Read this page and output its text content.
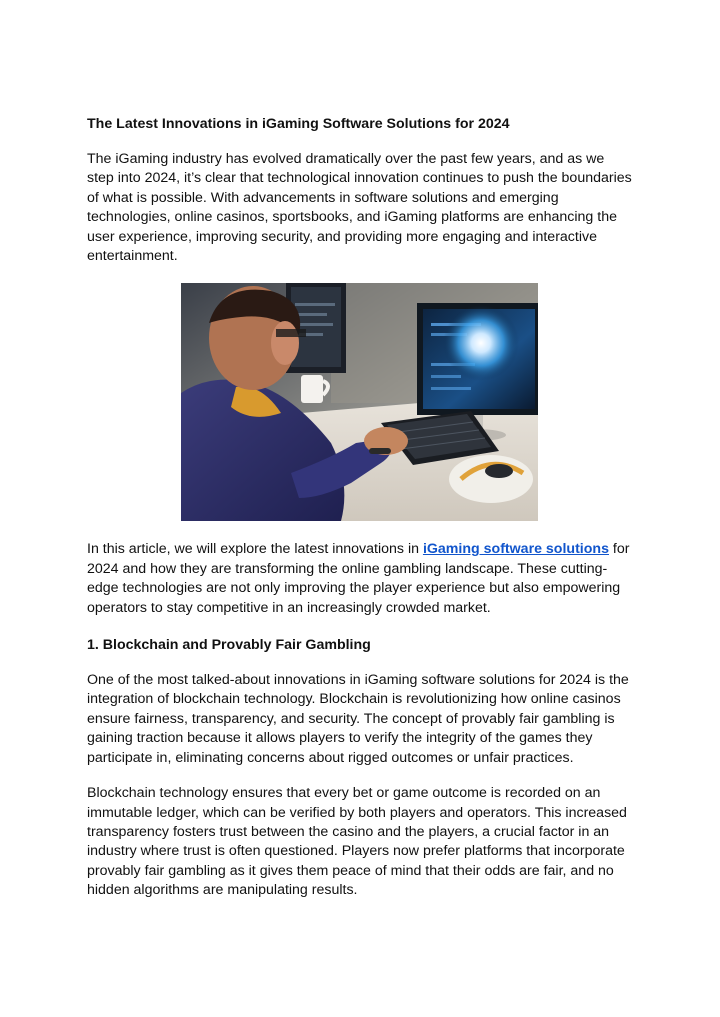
The Latest Innovations in iGaming Software Solutions for 2024

The iGaming industry has evolved dramatically over the past few years, and as we step into 2024, it’s clear that technological innovation continues to push the boundaries of what is possible. With advancements in software solutions and emerging technologies, online casinos, sportsbooks, and iGaming platforms are enhancing the user experience, improving security, and providing more engaging and interactive entertainment.

In this article, we will explore the latest innovations in iGaming software solutions for 2024 and how they are transforming the online gambling landscape. These cutting-edge technologies are not only improving the player experience but also empowering operators to stay competitive in an increasingly crowded market.

1. Blockchain and Provably Fair Gambling

One of the most talked-about innovations in iGaming software solutions for 2024 is the integration of blockchain technology. Blockchain is revolutionizing how online casinos ensure fairness, transparency, and security. The concept of provably fair gambling is gaining traction because it allows players to verify the integrity of the games they participate in, eliminating concerns about rigged outcomes or unfair practices.

Blockchain technology ensures that every bet or game outcome is recorded on an immutable ledger, which can be verified by both players and operators. This increased transparency fosters trust between the casino and the players, a crucial factor in an industry where trust is often questioned. Players now prefer platforms that incorporate provably fair gambling as it gives them peace of mind that their odds are fair, and no hidden algorithms are manipulating results.
